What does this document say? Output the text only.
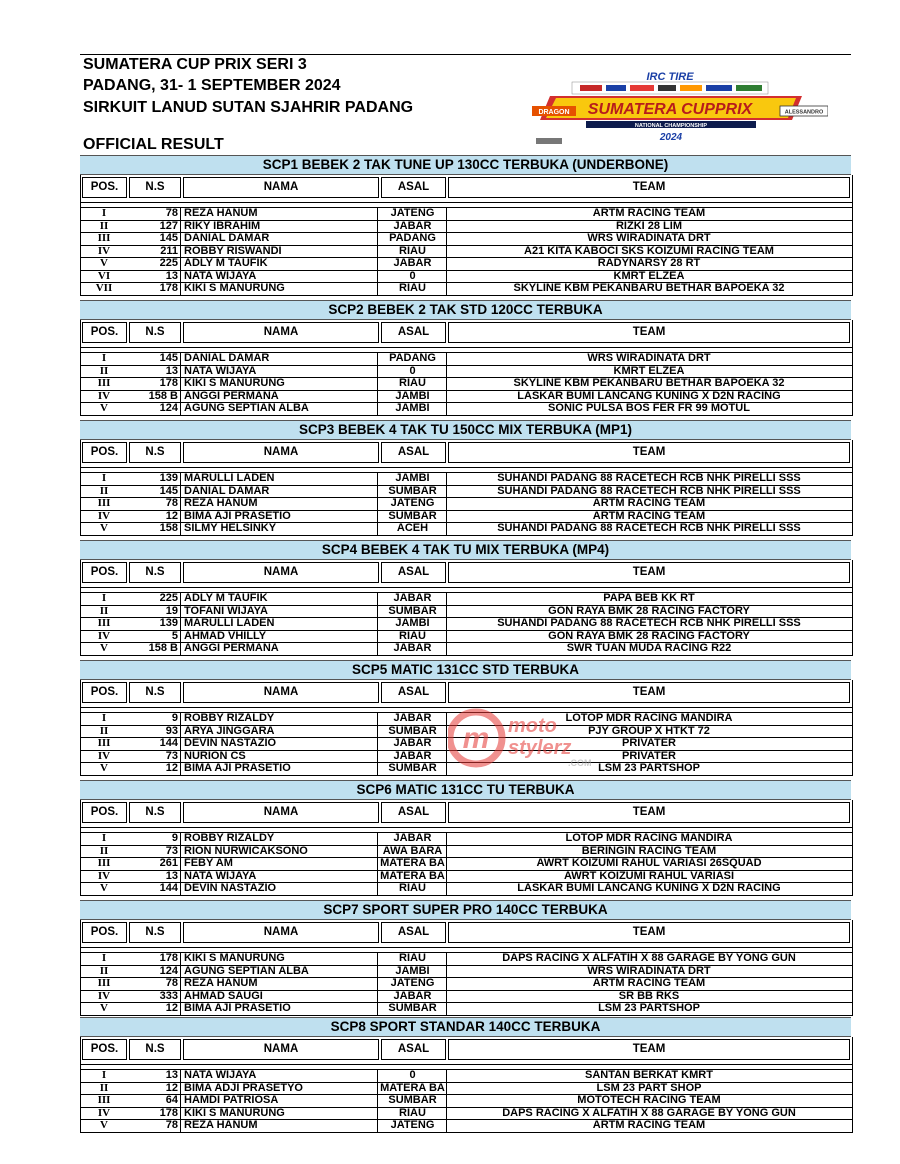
SUMATERA CUP PRIX SERI 3
PADANG, 31- 1 SEPTEMBER 2024
SIRKUIT LANUD SUTAN SJAHRIR PADANG
OFFICIAL RESULT
IRC TIRE
SUMATERA CUPPRIX
NATIONAL CHAMPIONSHIP
2024
DRAGON	ALESSANDRO
SCP1 BEBEK 2 TAK TUNE UP 130CC TERBUKA (UNDERBONE)
POS.	N.S	NAMA	ASAL	TEAM
I	78 REZA HANUM	JATENG	ARTM RACING TEAM
II	127 RIKY IBRAHIM	JABAR	RIZKI 28 LIM
III	145 DANIAL DAMAR	PADANG	WRS WIRADINATA DRT
IV	211 ROBBY RISWANDI	RIAU	A21 KITA KABOCI SKS KOIZUMI RACING TEAM
V	225 ADLY M TAUFIK	JABAR	RADYNARSY 28 RT
VI	13 NATA WIJAYA	0	KMRT ELZEA
VII	178 KIKI S MANURUNG	RIAU	SKYLINE KBM PEKANBARU BETHAR BAPOEKA 32
SCP2 BEBEK 2 TAK STD 120CC TERBUKA
POS.	N.S	NAMA	ASAL	TEAM
I	145 DANIAL DAMAR	PADANG	WRS WIRADINATA DRT
II	13 NATA WIJAYA	0	KMRT ELZEA
III	178 KIKI S MANURUNG	RIAU	SKYLINE KBM PEKANBARU BETHAR BAPOEKA 32
IV	158 B ANGGI PERMANA	JAMBI	LASKAR BUMI LANCANG KUNING X D2N RACING
V	124 AGUNG SEPTIAN ALBA	JAMBI	SONIC PULSA BOS FER FR 99 MOTUL
SCP3 BEBEK 4 TAK TU 150CC MIX TERBUKA (MP1)
POS.	N.S	NAMA	ASAL	TEAM
I	139 MARULLI LADEN	JAMBI	SUHANDI PADANG 88 RACETECH RCB NHK PIRELLI SSS
II	145 DANIAL DAMAR	SUMBAR	SUHANDI PADANG 88 RACETECH RCB NHK PIRELLI SSS
III	78 REZA HANUM	JATENG	ARTM RACING TEAM
IV	12 BIMA AJI PRASETIO	SUMBAR	ARTM RACING TEAM
V	158 SILMY HELSINKY	ACEH	SUHANDI PADANG 88 RACETECH RCB NHK PIRELLI SSS
SCP4 BEBEK 4 TAK TU MIX TERBUKA (MP4)
POS.	N.S	NAMA	ASAL	TEAM
I	225 ADLY M TAUFIK	JABAR	PAPA BEB KK RT
II	19 TOFANI WIJAYA	SUMBAR	GON RAYA BMK 28 RACING FACTORY
III	139 MARULLI LADEN	JAMBI	SUHANDI PADANG 88 RACETECH RCB NHK PIRELLI SSS
IV	5 AHMAD VHILLY	RIAU	GON RAYA BMK 28 RACING FACTORY
V	158 B ANGGI PERMANA	JABAR	SWR TUAN MUDA RACING R22
SCP5 MATIC 131CC STD TERBUKA
POS.	N.S	NAMA	ASAL	TEAM
I	9 ROBBY RIZALDY	JABAR	LOTOP MDR RACING MANDIRA
II	93 ARYA JINGGARA	SUMBAR	PJY GROUP X HTKT 72
III	144 DEVIN NASTAZIO	JABAR	PRIVATER
IV	73 NURION CS	JABAR	PRIVATER
V	12 BIMA AJI PRASETIO	SUMBAR	LSM 23 PARTSHOP
SCP6 MATIC 131CC TU TERBUKA
POS.	N.S	NAMA	ASAL	TEAM
I	9 ROBBY RIZALDY	JABAR	LOTOP MDR RACING MANDIRA
II	73 RION NURWICAKSONO	AWA BARA	BERINGIN RACING TEAM
III	261 FEBY AM	MATERA BA	AWRT KOIZUMI RAHUL VARIASI 26SQUAD
IV	13 NATA WIJAYA	MATERA BA	AWRT KOIZUMI RAHUL VARIASI
V	144 DEVIN NASTAZIO	RIAU	LASKAR BUMI LANCANG KUNING X D2N RACING
SCP7 SPORT SUPER PRO 140CC TERBUKA
POS.	N.S	NAMA	ASAL	TEAM
I	178 KIKI S MANURUNG	RIAU	DAPS RACING X ALFATIH X 88 GARAGE BY YONG GUN
II	124 AGUNG SEPTIAN ALBA	JAMBI	WRS WIRADINATA DRT
III	78 REZA HANUM	JATENG	ARTM RACING TEAM
IV	333 AHMAD SAUGI	JABAR	SR BB RKS
V	12 BIMA AJI PRASETIO	SUMBAR	LSM 23 PARTSHOP
SCP8 SPORT STANDAR 140CC TERBUKA
POS.	N.S	NAMA	ASAL	TEAM
I	13 NATA WIJAYA	0	SANTAN BERKAT KMRT
II	12 BIMA ADJI PRASETYO	MATERA BA	LSM 23 PART SHOP
III	64 HAMDI PATRIOSA	SUMBAR	MOTOTECH RACING TEAM
IV	178 KIKI S MANURUNG	RIAU	DAPS RACING X ALFATIH X 88 GARAGE BY YONG GUN
V	78 REZA HANUM	JATENG	ARTM RACING TEAM
m moto
stylerz
.COM
